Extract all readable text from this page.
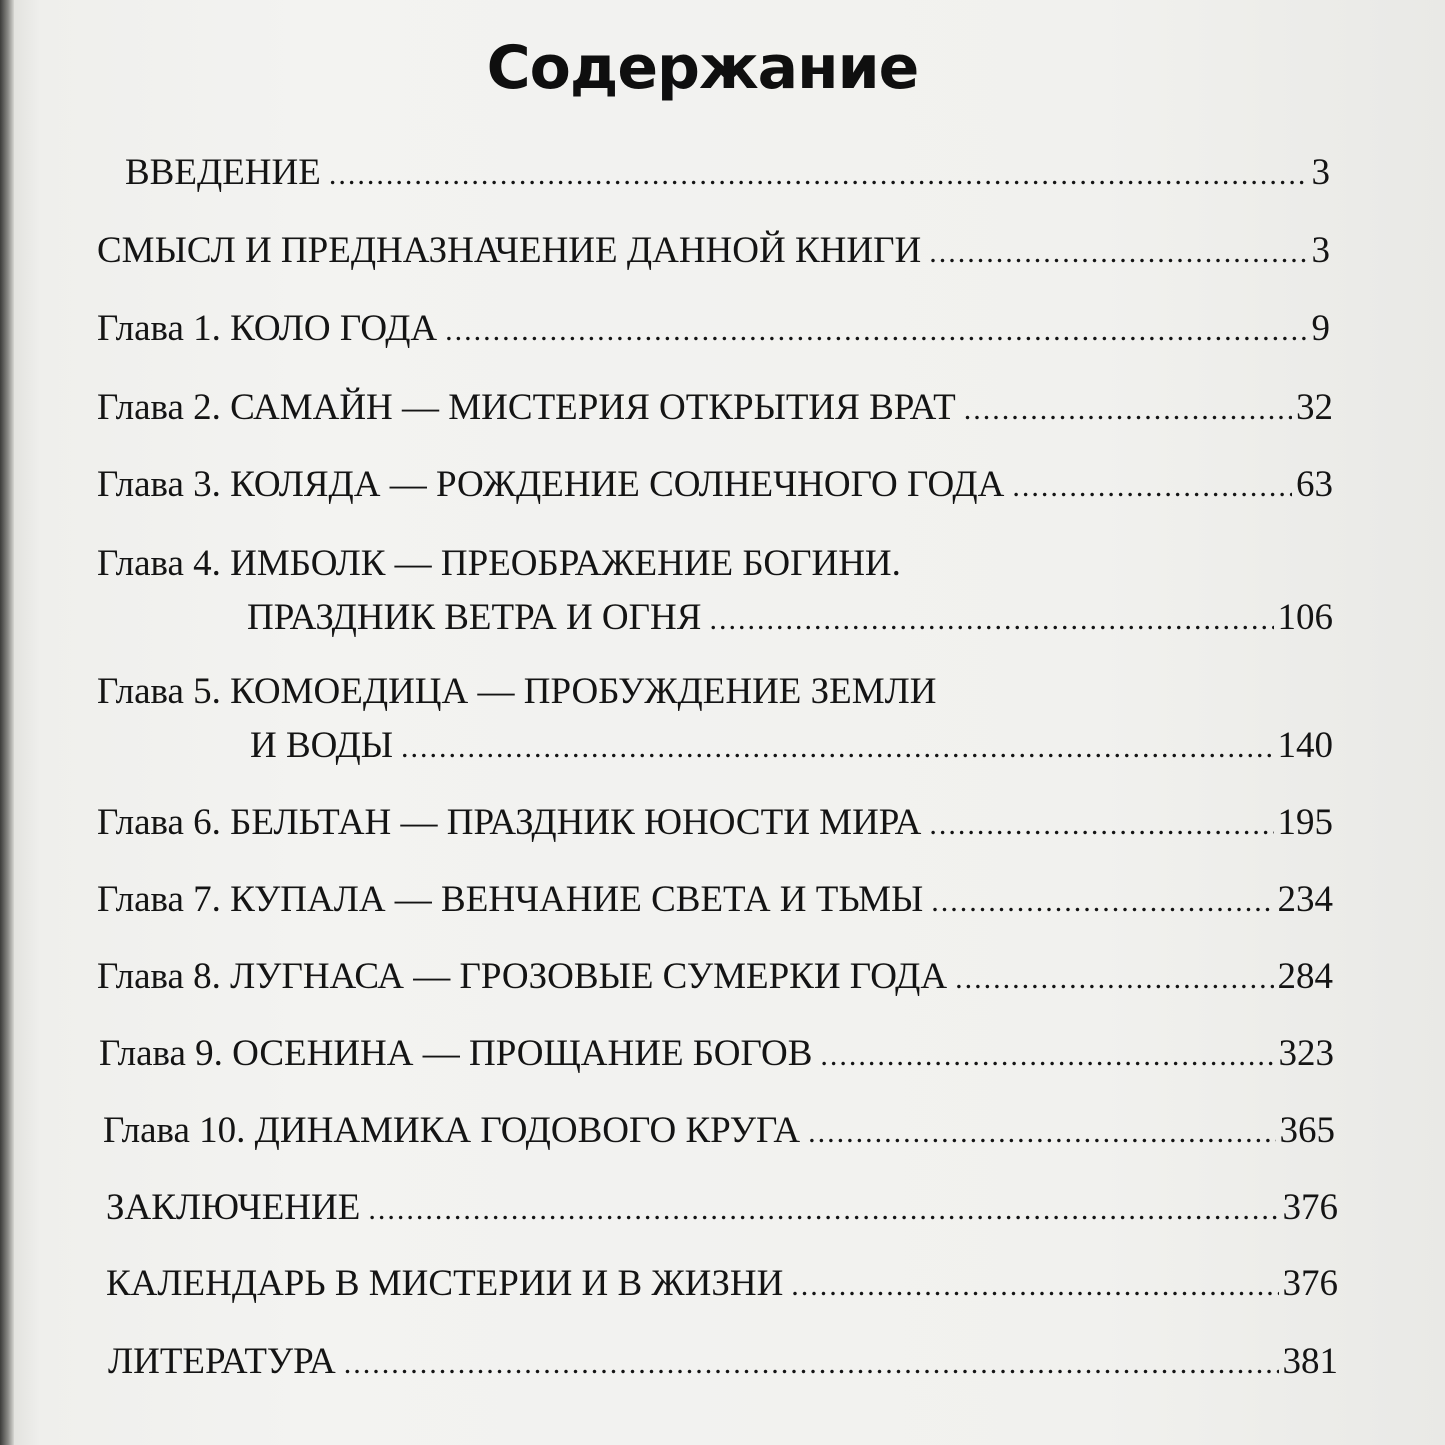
Содержание
ВВЕДЕНИЕ .....	3
СМЫСЛ И ПРЕДНАЗНАЧЕНИЕ ДАННОЙ КНИГИ .....	3
Глава 1. КОЛО ГОДА .....	9
Глава 2. САМАЙН — МИСТЕРИЯ ОТКРЫТИЯ ВРАТ .....	32
Глава 3. КОЛЯДА — РОЖДЕНИЕ СОЛНЕЧНОГО ГОДА .....	63
Глава 4. ИМБОЛК — ПРЕОБРАЖЕНИЕ БОГИНИ.
ПРАЗДНИК ВЕТРА И ОГНЯ .....	106
Глава 5. КОМОЕДИЦА — ПРОБУЖДЕНИЕ ЗЕМЛИ
И ВОДЫ .....	140
Глава 6. БЕЛЬТАН — ПРАЗДНИК ЮНОСТИ МИРА .....	195
Глава 7. КУПАЛА — ВЕНЧАНИЕ СВЕТА И ТЬМЫ .....	234
Глава 8. ЛУГНАСА — ГРОЗОВЫЕ СУМЕРКИ ГОДА .....	284
Глава 9. ОСЕНИНА — ПРОЩАНИЕ БОГОВ .....	323
Глава 10. ДИНАМИКА ГОДОВОГО КРУГА .....	365
ЗАКЛЮЧЕНИЕ .....	376
КАЛЕНДАРЬ В МИСТЕРИИ И В ЖИЗНИ .....	376
ЛИТЕРАТУРА .....	381
